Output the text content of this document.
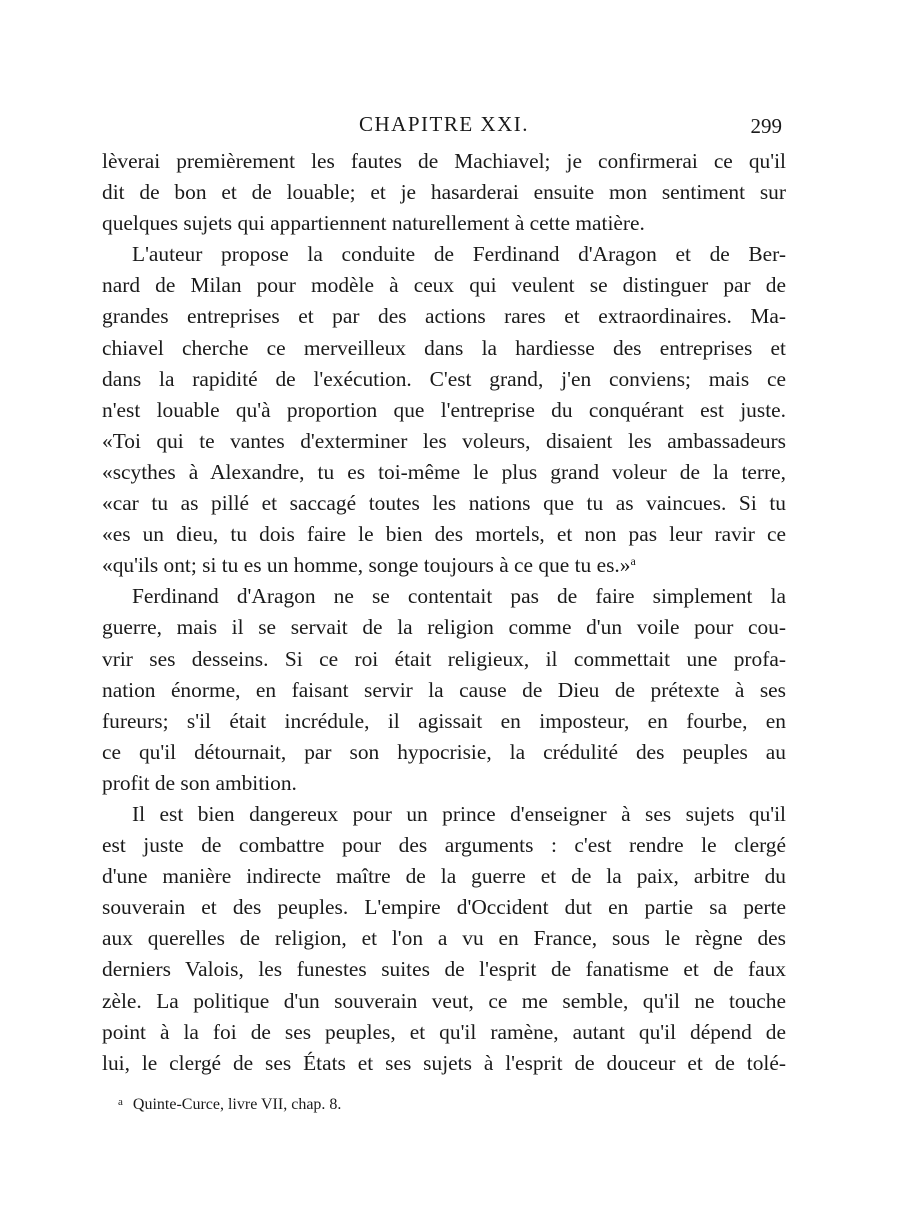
CHAPITRE XXI.	299
lèverai premièrement les fautes de Machiavel; je confirmerai ce qu'il
dit de bon et de louable; et je hasarderai ensuite mon sentiment sur
quelques sujets qui appartiennent naturellement à cette matière.
L'auteur propose la conduite de Ferdinand d'Aragon et de Ber-
nard de Milan pour modèle à ceux qui veulent se distinguer par de
grandes entreprises et par des actions rares et extraordinaires. Ma-
chiavel cherche ce merveilleux dans la hardiesse des entreprises et
dans la rapidité de l'exécution. C'est grand, j'en conviens; mais ce
n'est louable qu'à proportion que l'entreprise du conquérant est juste.
«Toi qui te vantes d'exterminer les voleurs, disaient les ambassadeurs
«scythes à Alexandre, tu es toi-même le plus grand voleur de la terre,
«car tu as pillé et saccagé toutes les nations que tu as vaincues. Si tu
«es un dieu, tu dois faire le bien des mortels, et non pas leur ravir ce
«qu'ils ont; si tu es un homme, songe toujours à ce que tu es.»$^a$
Ferdinand d'Aragon ne se contentait pas de faire simplement la
guerre, mais il se servait de la religion comme d'un voile pour cou-
vrir ses desseins. Si ce roi était religieux, il commettait une profa-
nation énorme, en faisant servir la cause de Dieu de prétexte à ses
fureurs; s'il était incrédule, il agissait en imposteur, en fourbe, en
ce qu'il détournait, par son hypocrisie, la crédulité des peuples au
profit de son ambition.
Il est bien dangereux pour un prince d'enseigner à ses sujets qu'il
est juste de combattre pour des arguments : c'est rendre le clergé
d'une manière indirecte maître de la guerre et de la paix, arbitre du
souverain et des peuples. L'empire d'Occident dut en partie sa perte
aux querelles de religion, et l'on a vu en France, sous le règne des
derniers Valois, les funestes suites de l'esprit de fanatisme et de faux
zèle. La politique d'un souverain veut, ce me semble, qu'il ne touche
point à la foi de ses peuples, et qu'il ramène, autant qu'il dépend de
lui, le clergé de ses États et ses sujets à l'esprit de douceur et de tolé-
$^a$ Quinte-Curce, livre VII, chap. 8.
